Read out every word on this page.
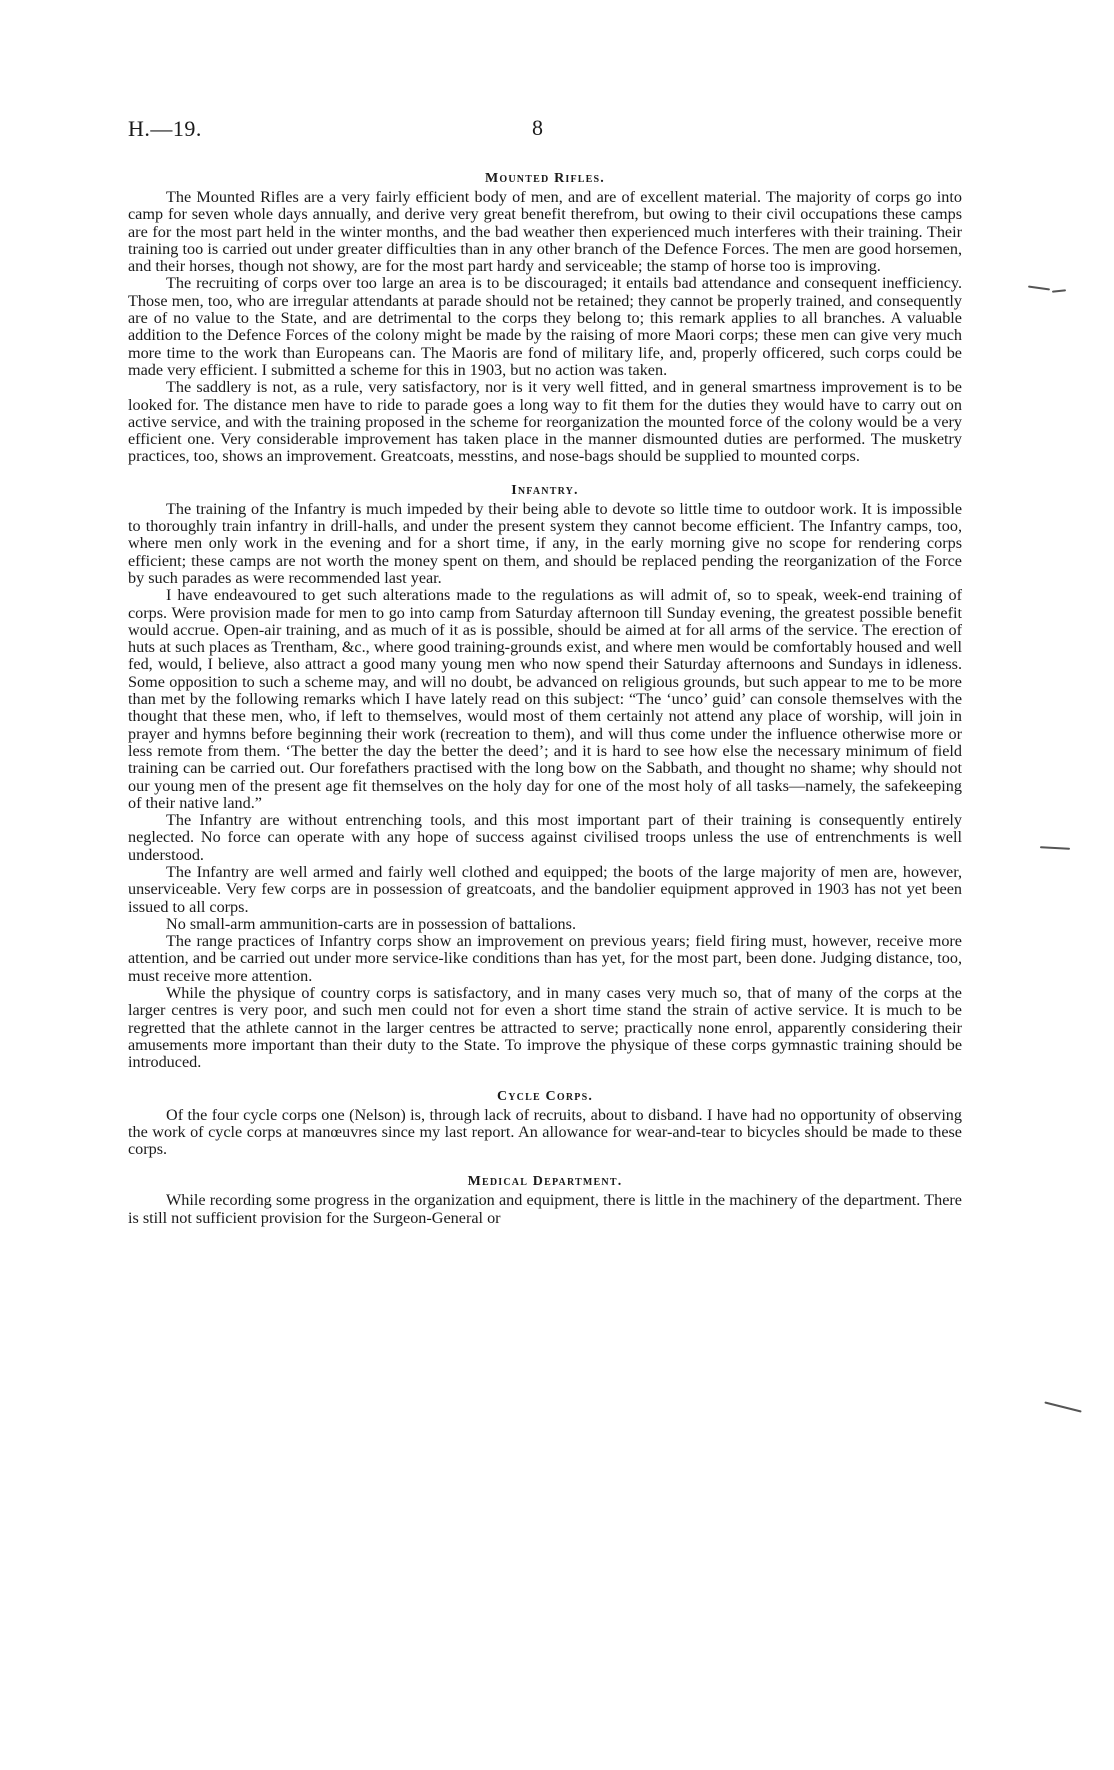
H.—19.	8
Mounted Rifles.

The Mounted Rifles are a very fairly efficient body of men, and are of excellent material. The majority of corps go into camp for seven whole days annually, and derive very great benefit therefrom, but owing to their civil occupations these camps are for the most part held in the winter months, and the bad weather then experienced much interferes with their training. Their training too is carried out under greater difficulties than in any other branch of the Defence Forces. The men are good horsemen, and their horses, though not showy, are for the most part hardy and serviceable; the stamp of horse too is improving.

The recruiting of corps over too large an area is to be discouraged; it entails bad attendance and consequent inefficiency. Those men, too, who are irregular attendants at parade should not be retained; they cannot be properly trained, and consequently are of no value to the State, and are detrimental to the corps they belong to; this remark applies to all branches. A valuable addition to the Defence Forces of the colony might be made by the raising of more Maori corps; these men can give very much more time to the work than Europeans can. The Maoris are fond of military life, and, properly officered, such corps could be made very efficient. I submitted a scheme for this in 1903, but no action was taken.

The saddlery is not, as a rule, very satisfactory, nor is it very well fitted, and in general smartness improvement is to be looked for. The distance men have to ride to parade goes a long way to fit them for the duties they would have to carry out on active service, and with the training proposed in the scheme for reorganization the mounted force of the colony would be a very efficient one. Very considerable improvement has taken place in the manner dismounted duties are performed. The musketry practices, too, shows an improvement. Greatcoats, messtins, and nose-bags should be supplied to mounted corps.

Infantry.

The training of the Infantry is much impeded by their being able to devote so little time to outdoor work. It is impossible to thoroughly train infantry in drill-halls, and under the present system they cannot become efficient. The Infantry camps, too, where men only work in the evening and for a short time, if any, in the early morning give no scope for rendering corps efficient; these camps are not worth the money spent on them, and should be replaced pending the reorganization of the Force by such parades as were recommended last year.

I have endeavoured to get such alterations made to the regulations as will admit of, so to speak, week-end training of corps. Were provision made for men to go into camp from Saturday afternoon till Sunday evening, the greatest possible benefit would accrue. Open-air training, and as much of it as is possible, should be aimed at for all arms of the service. The erection of huts at such places as Trentham, &c., where good training-grounds exist, and where men would be comfortably housed and well fed, would, I believe, also attract a good many young men who now spend their Saturday afternoons and Sundays in idleness. Some opposition to such a scheme may, and will no doubt, be advanced on religious grounds, but such appear to me to be more than met by the following remarks which I have lately read on this subject: “The ‘unco’ guid’ can console themselves with the thought that these men, who, if left to themselves, would most of them certainly not attend any place of worship, will join in prayer and hymns before beginning their work (recreation to them), and will thus come under the influence otherwise more or less remote from them. ‘The better the day the better the deed’; and it is hard to see how else the necessary minimum of field training can be carried out. Our forefathers practised with the long bow on the Sabbath, and thought no shame; why should not our young men of the present age fit themselves on the holy day for one of the most holy of all tasks—namely, the safekeeping of their native land.”

The Infantry are without entrenching tools, and this most important part of their training is consequently entirely neglected. No force can operate with any hope of success against civilised troops unless the use of entrenchments is well understood.

The Infantry are well armed and fairly well clothed and equipped; the boots of the large majority of men are, however, unserviceable. Very few corps are in possession of greatcoats, and the bandolier equipment approved in 1903 has not yet been issued to all corps.

No small-arm ammunition-carts are in possession of battalions.

The range practices of Infantry corps show an improvement on previous years; field firing must, however, receive more attention, and be carried out under more service-like conditions than has yet, for the most part, been done. Judging distance, too, must receive more attention.

While the physique of country corps is satisfactory, and in many cases very much so, that of many of the corps at the larger centres is very poor, and such men could not for even a short time stand the strain of active service. It is much to be regretted that the athlete cannot in the larger centres be attracted to serve; practically none enrol, apparently considering their amusements more important than their duty to the State. To improve the physique of these corps gymnastic training should be introduced.

Cycle Corps.

Of the four cycle corps one (Nelson) is, through lack of recruits, about to disband. I have had no opportunity of observing the work of cycle corps at manœuvres since my last report. An allowance for wear-and-tear to bicycles should be made to these corps.

Medical Department.

While recording some progress in the organization and equipment, there is little in the machinery of the department. There is still not sufficient provision for the Surgeon-General or
